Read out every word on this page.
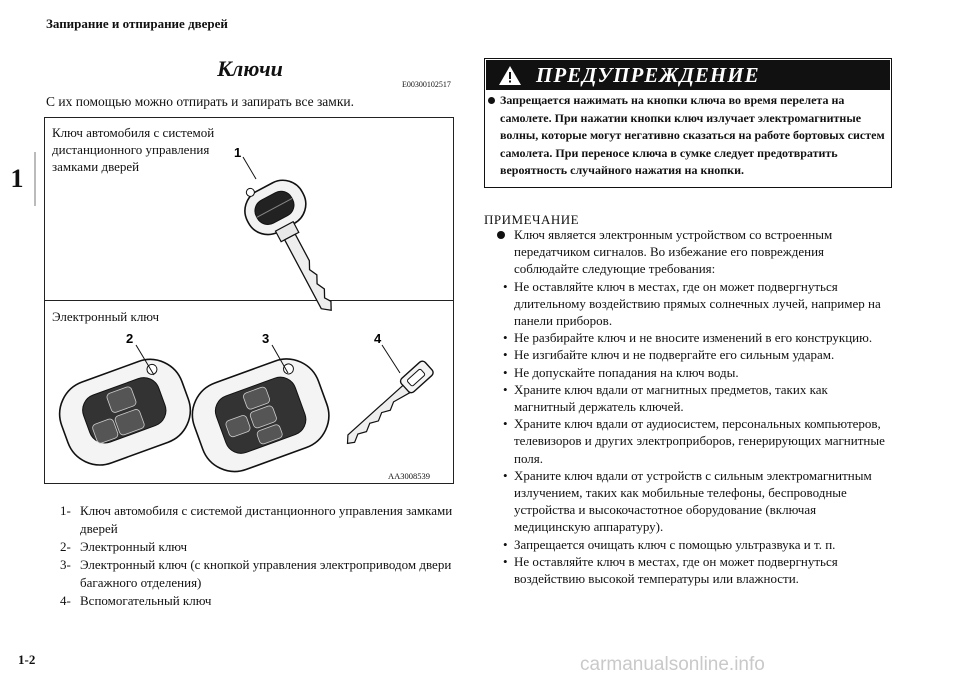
Запирание и отпирание дверей
1
Ключи
E00300102517
С их помощью можно отпирать и запирать все замки.
Ключ автомобиля с системой дистанционного управления замками дверей
Электронный ключ
AA3008539
1
2	3	4
1- Ключ автомобиля с системой дистанционного управления замками дверей
2- Электронный ключ
3- Электронный ключ (с кнопкой управления электроприводом двери багажного отделения)
4- Вспомогательный ключ
ПРЕДУПРЕЖДЕНИЕ
Запрещается нажимать на кнопки ключа во время перелета на самолете. При нажатии кнопки ключ излучает электромагнитные волны, которые могут негативно сказаться на работе бортовых систем самолета. При переносе ключа в сумке следует предотвратить вероятность случайного нажатия на кнопки.
ПРИМЕЧАНИЕ
Ключ является электронным устройством со встроенным передатчиком сигналов. Во избежание его повреждения соблюдайте следующие требования:
• Не оставляйте ключ в местах, где он может подвергнуться длительному воздействию прямых солнечных лучей, например на панели приборов.
• Не разбирайте ключ и не вносите изменений в его конструкцию.
• Не изгибайте ключ и не подвергайте его сильным ударам.
• Не допускайте попадания на ключ воды.
• Храните ключ вдали от магнитных предметов, таких как магнитный держатель ключей.
• Храните ключ вдали от аудиосистем, персональных компьютеров, телевизоров и других электроприборов, генерирующих магнитные поля.
• Храните ключ вдали от устройств с сильным электромагнитным излучением, таких как мобильные телефоны, беспроводные устройства и высокочастотное оборудование (включая медицинскую аппаратуру).
• Запрещается очищать ключ с помощью ультразвука и т. п.
• Не оставляйте ключ в местах, где он может подвергнуться воздействию высокой температуры или влажности.
1-2	carmanualsonline.info
